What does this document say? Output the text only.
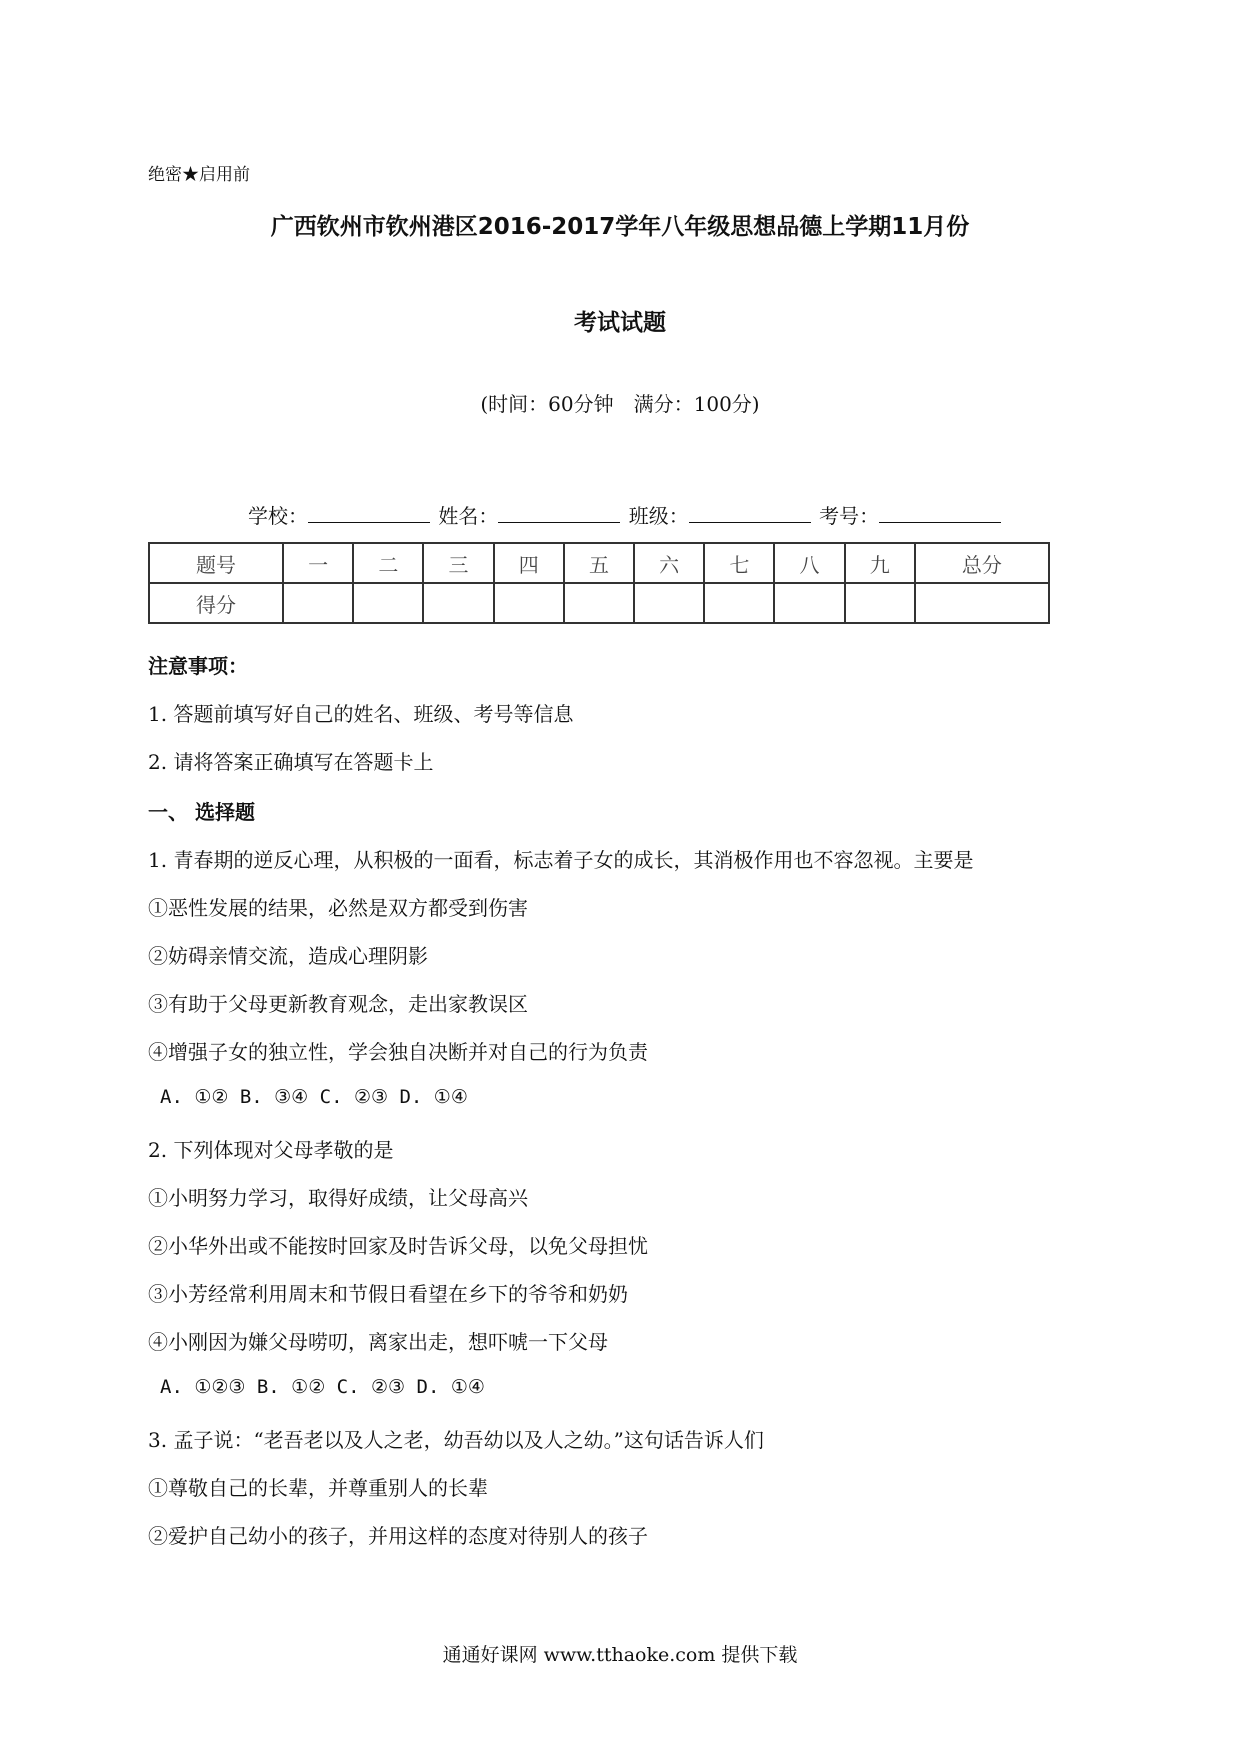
绝密★启用前
广西钦州市钦州港区2016-2017学年八年级思想品德上学期11月份
考试试题
(时间：60分钟　满分：100分)
学校：	姓名：	班级：	考号：
题号	一	二	三	四	五	六	七	八	九	总分
得分										
注意事项：
1. 答题前填写好自己的姓名、班级、考号等信息
2. 请将答案正确填写在答题卡上
一、 选择题
1. 青春期的逆反心理，从积极的一面看，标志着子女的成长，其消极作用也不容忽视。主要是
①恶性发展的结果，必然是双方都受到伤害
②妨碍亲情交流，造成心理阴影
③有助于父母更新教育观念，走出家教误区
④增强子女的独立性，学会独自决断并对自己的行为负责
A. ①② B. ③④ C. ②③ D. ①④
2. 下列体现对父母孝敬的是
①小明努力学习，取得好成绩，让父母高兴
②小华外出或不能按时回家及时告诉父母，以免父母担忧
③小芳经常利用周末和节假日看望在乡下的爷爷和奶奶
④小刚因为嫌父母唠叨，离家出走，想吓唬一下父母
A. ①②③ B. ①② C. ②③ D. ①④
3. 孟子说：“老吾老以及人之老，幼吾幼以及人之幼。”这句话告诉人们
①尊敬自己的长辈，并尊重别人的长辈
②爱护自己幼小的孩子，并用这样的态度对待别人的孩子
通通好课网 www.tthaoke.com 提供下载
